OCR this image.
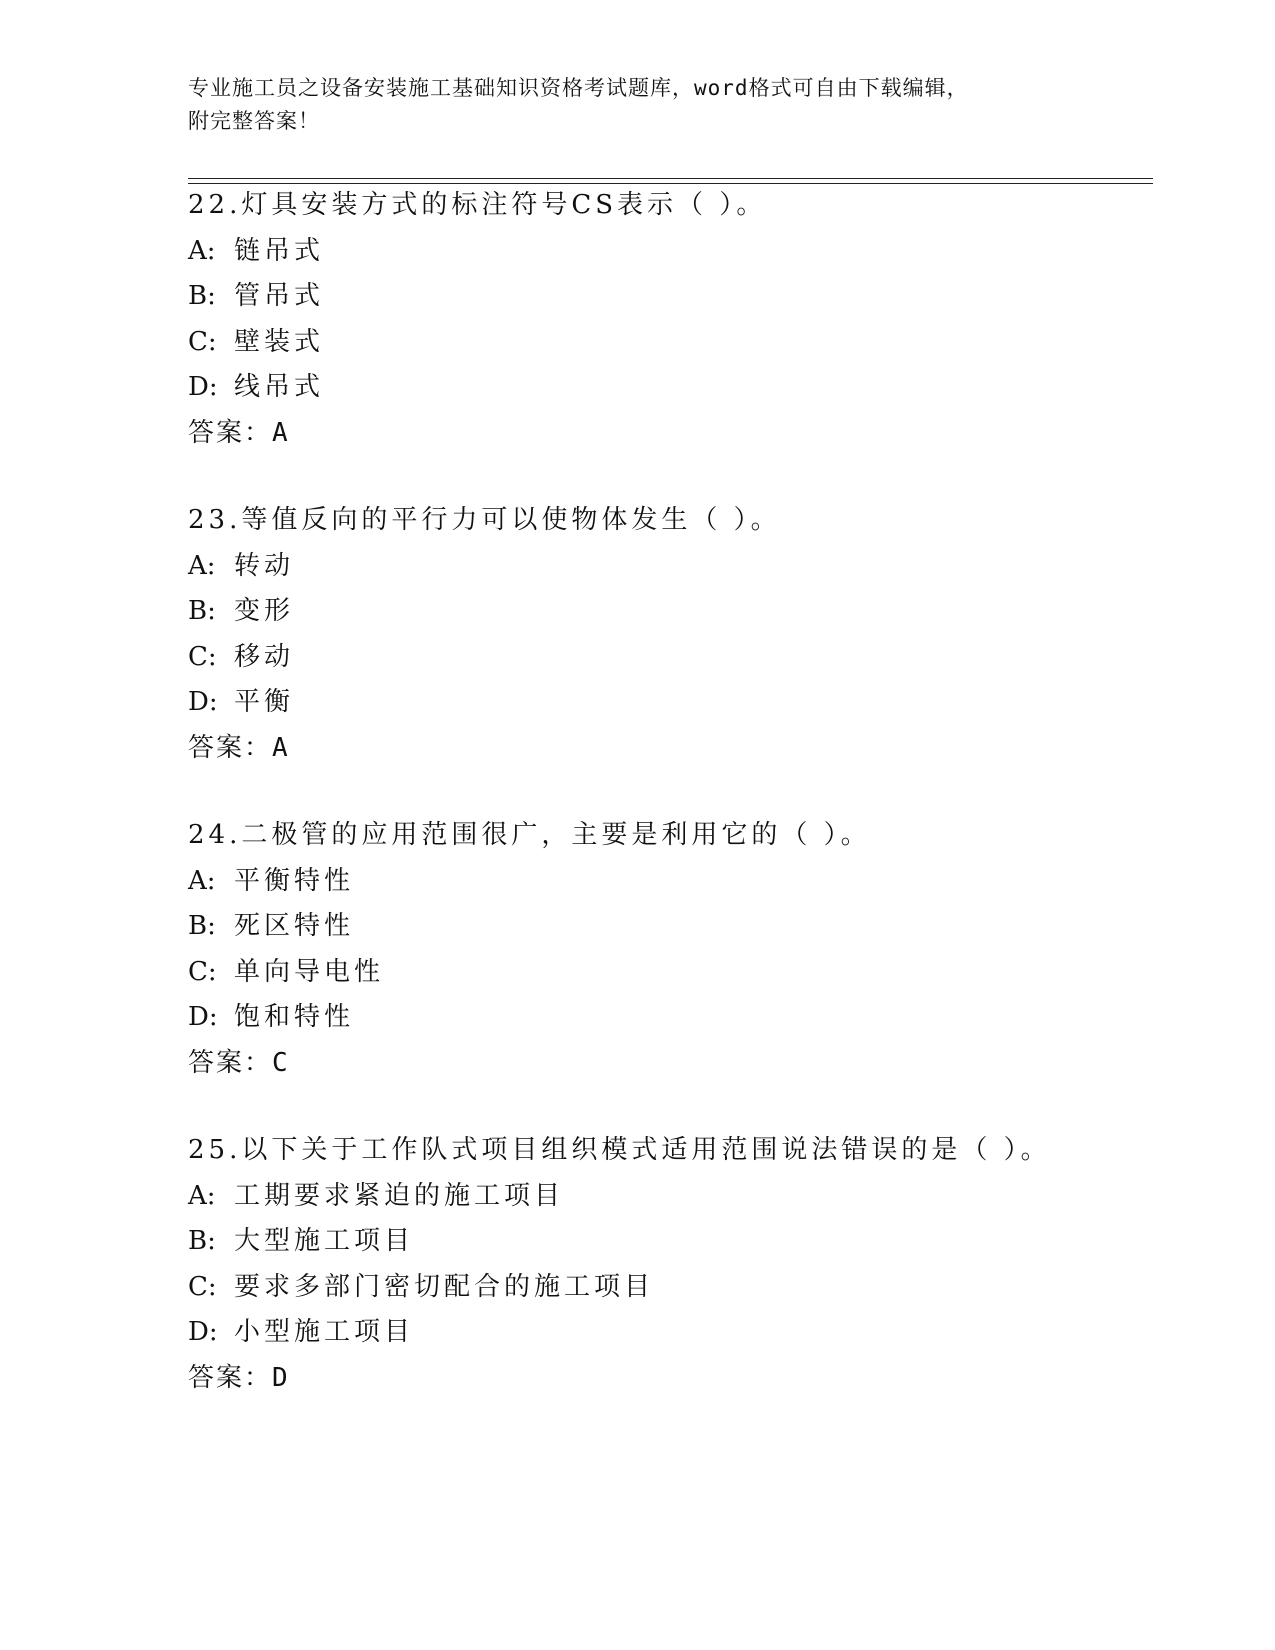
专业施工员之设备安装施工基础知识资格考试题库，word格式可自由下载编辑，
附完整答案！
22.灯具安装方式的标注符号CS表示（ ）。
A: 链吊式
B: 管吊式
C: 壁装式
D: 线吊式
答案：A
23.等值反向的平行力可以使物体发生（ ）。
A: 转动
B: 变形
C: 移动
D: 平衡
答案：A
24.二极管的应用范围很广，主要是利用它的（ ）。
A: 平衡特性
B: 死区特性
C: 单向导电性
D: 饱和特性
答案：C
25.以下关于工作队式项目组织模式适用范围说法错误的是（ ）。
A: 工期要求紧迫的施工项目
B: 大型施工项目
C: 要求多部门密切配合的施工项目
D: 小型施工项目
答案：D
